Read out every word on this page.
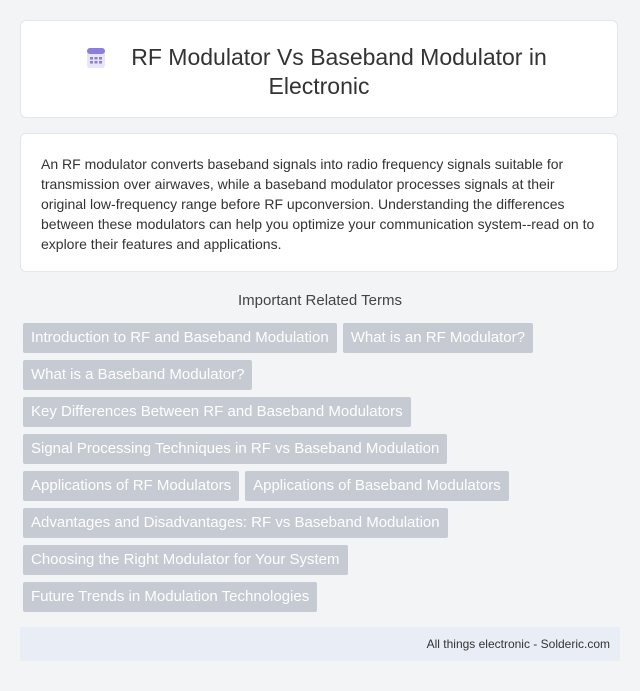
RF Modulator Vs Baseband Modulator in
Electronic
An RF modulator converts baseband signals into radio frequency signals suitable for transmission over airwaves, while a baseband modulator processes signals at their original low-frequency range before RF upconversion. Understanding the differences between these modulators can help you optimize your communication system--read on to explore their features and applications.
Important Related Terms
Introduction to RF and Baseband Modulation	What is an RF Modulator?
What is a Baseband Modulator?
Key Differences Between RF and Baseband Modulators
Signal Processing Techniques in RF vs Baseband Modulation
Applications of RF Modulators	Applications of Baseband Modulators
Advantages and Disadvantages: RF vs Baseband Modulation
Choosing the Right Modulator for Your System
Future Trends in Modulation Technologies
All things electronic - Solderic.com
